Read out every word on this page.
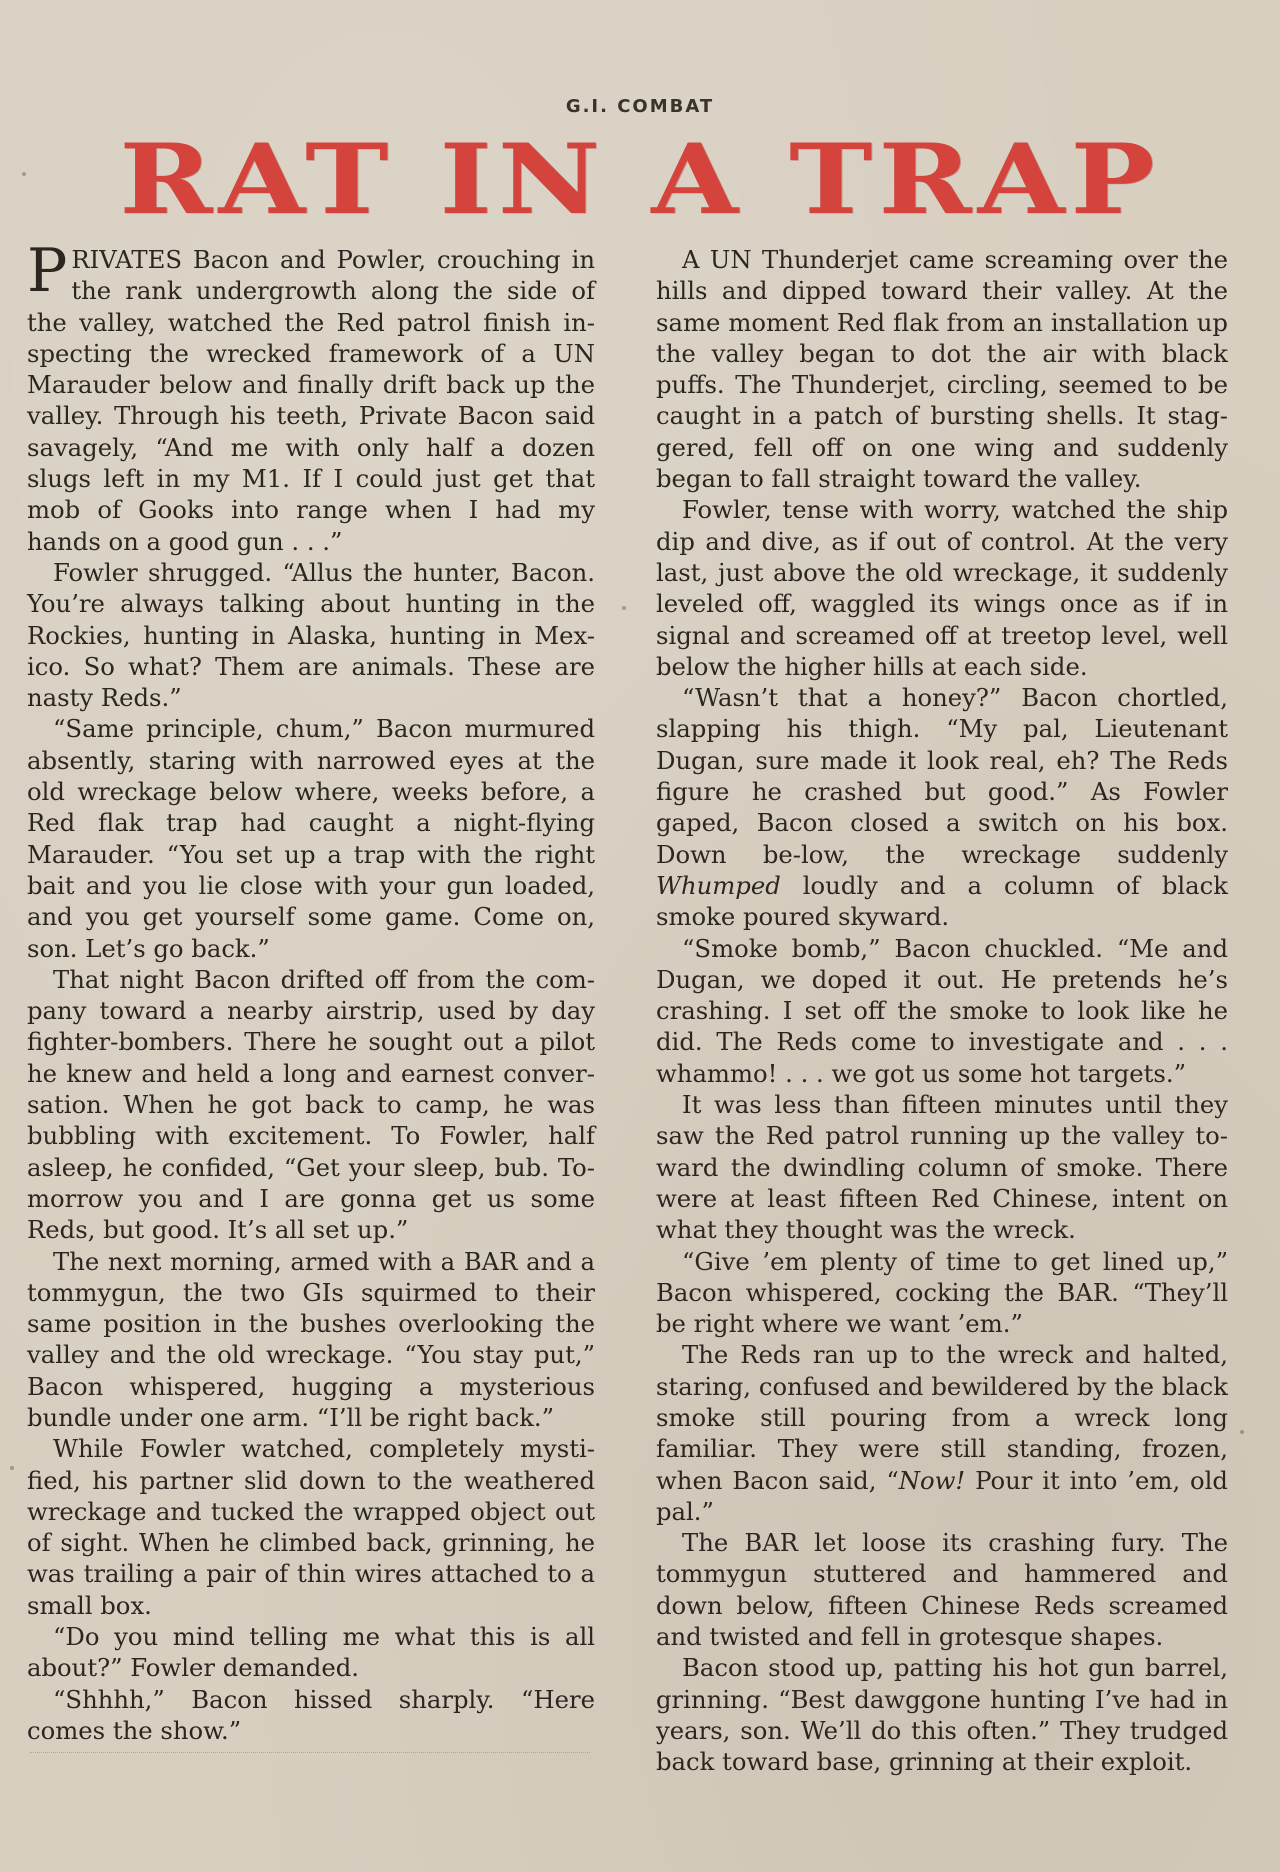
G.I. COMBAT
RAT IN A TRAP

PRIVATES Bacon and Powler, crouching in the rank undergrowth along the side of the valley, watched the Red patrol finish in-specting the wrecked framework of a UN Marauder below and finally drift back up the valley. Through his teeth, Private Bacon said savagely, “And me with only half a dozen slugs left in my M1. If I could just get that mob of Gooks into range when I had my hands on a good gun . . .”

Fowler shrugged. “Allus the hunter, Bacon. You’re always talking about hunting in the Rockies, hunting in Alaska, hunting in Mex-ico. So what? Them are animals. These are nasty Reds.”

“Same principle, chum,” Bacon murmured absently, staring with narrowed eyes at the old wreckage below where, weeks before, a Red flak trap had caught a night-flying Marauder. “You set up a trap with the right bait and you lie close with your gun loaded, and you get yourself some game. Come on, son. Let’s go back.”

That night Bacon drifted off from the com-pany toward a nearby airstrip, used by day fighter-bombers. There he sought out a pilot he knew and held a long and earnest conver-sation. When he got back to camp, he was bubbling with excitement. To Fowler, half asleep, he confided, “Get your sleep, bub. To-morrow you and I are gonna get us some Reds, but good. It’s all set up.”

The next morning, armed with a BAR and a tommygun, the two GIs squirmed to their same position in the bushes overlooking the valley and the old wreckage. “You stay put,” Bacon whispered, hugging a mysterious bundle under one arm. “I’ll be right back.”

While Fowler watched, completely mysti-fied, his partner slid down to the weathered wreckage and tucked the wrapped object out of sight. When he climbed back, grinning, he was trailing a pair of thin wires attached to a small box.

“Do you mind telling me what this is all about?” Fowler demanded.

“Shhhh,” Bacon hissed sharply. “Here comes the show.”

A UN Thunderjet came screaming over the hills and dipped toward their valley. At the same moment Red flak from an installation up the valley began to dot the air with black puffs. The Thunderjet, circling, seemed to be caught in a patch of bursting shells. It stag-gered, fell off on one wing and suddenly began to fall straight toward the valley.

Fowler, tense with worry, watched the ship dip and dive, as if out of control. At the very last, just above the old wreckage, it suddenly leveled off, waggled its wings once as if in signal and screamed off at treetop level, well below the higher hills at each side.

“Wasn’t that a honey?” Bacon chortled, slapping his thigh. “My pal, Lieutenant Dugan, sure made it look real, eh? The Reds figure he crashed but good.” As Fowler gaped, Bacon closed a switch on his box. Down be-low, the wreckage suddenly Whumped loudly and a column of black smoke poured skyward.

“Smoke bomb,” Bacon chuckled. “Me and Dugan, we doped it out. He pretends he’s crashing. I set off the smoke to look like he did. The Reds come to investigate and . . . whammo! . . . we got us some hot targets.”

It was less than fifteen minutes until they saw the Red patrol running up the valley to-ward the dwindling column of smoke. There were at least fifteen Red Chinese, intent on what they thought was the wreck.

“Give ’em plenty of time to get lined up,” Bacon whispered, cocking the BAR. “They’ll be right where we want ’em.”

The Reds ran up to the wreck and halted, staring, confused and bewildered by the black smoke still pouring from a wreck long familiar. They were still standing, frozen, when Bacon said, “Now! Pour it into ’em, old pal.”

The BAR let loose its crashing fury. The tommygun stuttered and hammered and down below, fifteen Chinese Reds screamed and twisted and fell in grotesque shapes.

Bacon stood up, patting his hot gun barrel, grinning. “Best dawggone hunting I’ve had in years, son. We’ll do this often.” They trudged back toward base, grinning at their exploit.
